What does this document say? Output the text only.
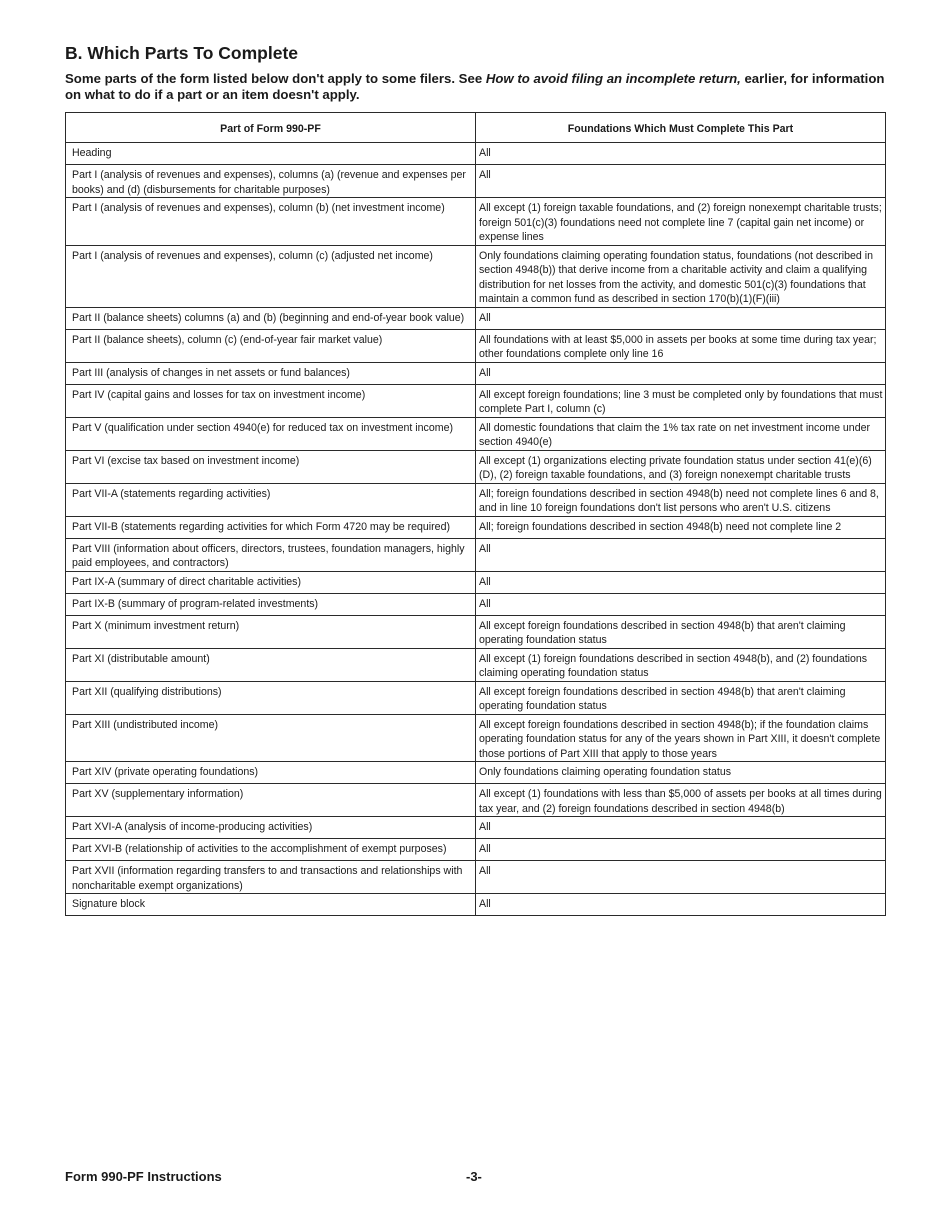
B. Which Parts To Complete

Some parts of the form listed below don't apply to some filers. See How to avoid filing an incomplete return, earlier, for information on what to do if a part or an item doesn't apply.

Part of Form 990-PF	Foundations Which Must Complete This Part
Heading	All
Part I (analysis of revenues and expenses), columns (a) (revenue and expenses per books) and (d) (disbursements for charitable purposes)	All
Part I (analysis of revenues and expenses), column (b) (net investment income)	All except (1) foreign taxable foundations, and (2) foreign nonexempt charitable trusts; foreign 501(c)(3) foundations need not complete line 7 (capital gain net income) or expense lines
Part I (analysis of revenues and expenses), column (c) (adjusted net income)	Only foundations claiming operating foundation status, foundations (not described in section 4948(b)) that derive income from a charitable activity and claim a qualifying distribution for net losses from the activity, and domestic 501(c)(3) foundations that maintain a common fund as described in section 170(b)(1)(F)(iii)
Part II (balance sheets) columns (a) and (b) (beginning and end-of-year book value)	All
Part II (balance sheets), column (c) (end-of-year fair market value)	All foundations with at least $5,000 in assets per books at some time during tax year; other foundations complete only line 16
Part III (analysis of changes in net assets or fund balances)	All
Part IV (capital gains and losses for tax on investment income)	All except foreign foundations; line 3 must be completed only by foundations that must complete Part I, column (c)
Part V (qualification under section 4940(e) for reduced tax on investment income)	All domestic foundations that claim the 1% tax rate on net investment income under section 4940(e)
Part VI (excise tax based on investment income)	All except (1) organizations electing private foundation status under section 41(e)(6)(D), (2) foreign taxable foundations, and (3) foreign nonexempt charitable trusts
Part VII-A (statements regarding activities)	All; foreign foundations described in section 4948(b) need not complete lines 6 and 8, and in line 10 foreign foundations don't list persons who aren't U.S. citizens
Part VII-B (statements regarding activities for which Form 4720 may be required)	All; foreign foundations described in section 4948(b) need not complete line 2
Part VIII (information about officers, directors, trustees, foundation managers, highly paid employees, and contractors)	All
Part IX-A (summary of direct charitable activities)	All
Part IX-B (summary of program-related investments)	All
Part X (minimum investment return)	All except foreign foundations described in section 4948(b) that aren't claiming operating foundation status
Part XI (distributable amount)	All except (1) foreign foundations described in section 4948(b), and (2) foundations claiming operating foundation status
Part XII (qualifying distributions)	All except foreign foundations described in section 4948(b) that aren't claiming operating foundation status
Part XIII (undistributed income)	All except foreign foundations described in section 4948(b); if the foundation claims operating foundation status for any of the years shown in Part XIII, it doesn't complete those portions of Part XIII that apply to those years
Part XIV (private operating foundations)	Only foundations claiming operating foundation status
Part XV (supplementary information)	All except (1) foundations with less than $5,000 of assets per books at all times during tax year, and (2) foreign foundations described in section 4948(b)
Part XVI-A (analysis of income-producing activities)	All
Part XVI-B (relationship of activities to the accomplishment of exempt purposes)	All
Part XVII (information regarding transfers to and transactions and relationships with noncharitable exempt organizations)	All
Signature block	All
Form 990-PF Instructions	-3-
